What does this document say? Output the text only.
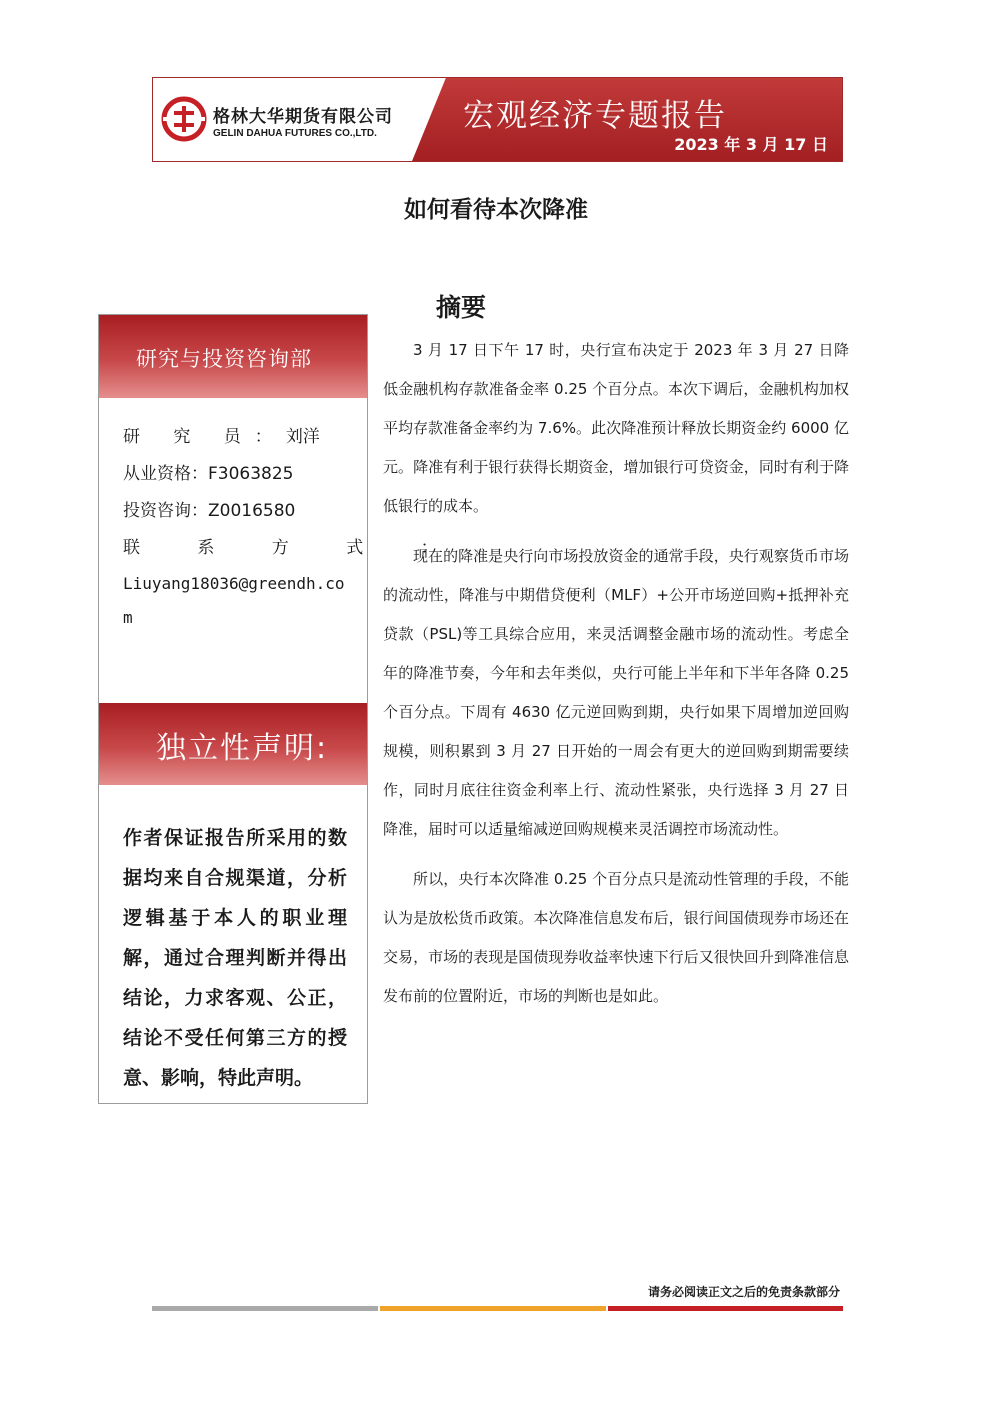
格林大华期货有限公司
GELIN DAHUA FUTURES CO.,LTD.	宏观经济专题报告
2023 年 3 月 17 日
如何看待本次降准
研究与投资咨询部
研 究 员：刘洋
从业资格：F3063825
投资咨询：Z0016580
联 系 方 式 ：
Liuyang18036@greendh.com
独立性声明:
作者保证报告所采用的数据均来自合规渠道，分析逻辑基于本人的职业理解，通过合理判断并得出结论，力求客观、公正，结论不受任何第三方的授意、影响，特此声明。
摘要

3 月 17 日下午 17 时，央行宣布决定于 2023 年 3 月 27 日降低金融机构存款准备金率 0.25 个百分点。本次下调后，金融机构加权平均存款准备金率约为 7.6%。此次降准预计释放长期资金约 6000 亿元。降准有利于银行获得长期资金，增加银行可贷资金，同时有利于降低银行的成本。

现在的降准是央行向市场投放资金的通常手段，央行观察货币市场的流动性，降准与中期借贷便利（MLF）+公开市场逆回购+抵押补充贷款（PSL)等工具综合应用，来灵活调整金融市场的流动性。考虑全年的降准节奏，今年和去年类似，央行可能上半年和下半年各降 0.25 个百分点。下周有 4630 亿元逆回购到期，央行如果下周增加逆回购规模，则积累到 3 月 27 日开始的一周会有更大的逆回购到期需要续作，同时月底往往资金利率上行、流动性紧张，央行选择 3 月 27 日降准，届时可以适量缩减逆回购规模来灵活调控市场流动性。

所以，央行本次降准 0.25 个百分点只是流动性管理的手段，不能认为是放松货币政策。本次降准信息发布后，银行间国债现券市场还在交易，市场的表现是国债现券收益率快速下行后又很快回升到降准信息发布前的位置附近，市场的判断也是如此。

请务必阅读正文之后的免责条款部分
